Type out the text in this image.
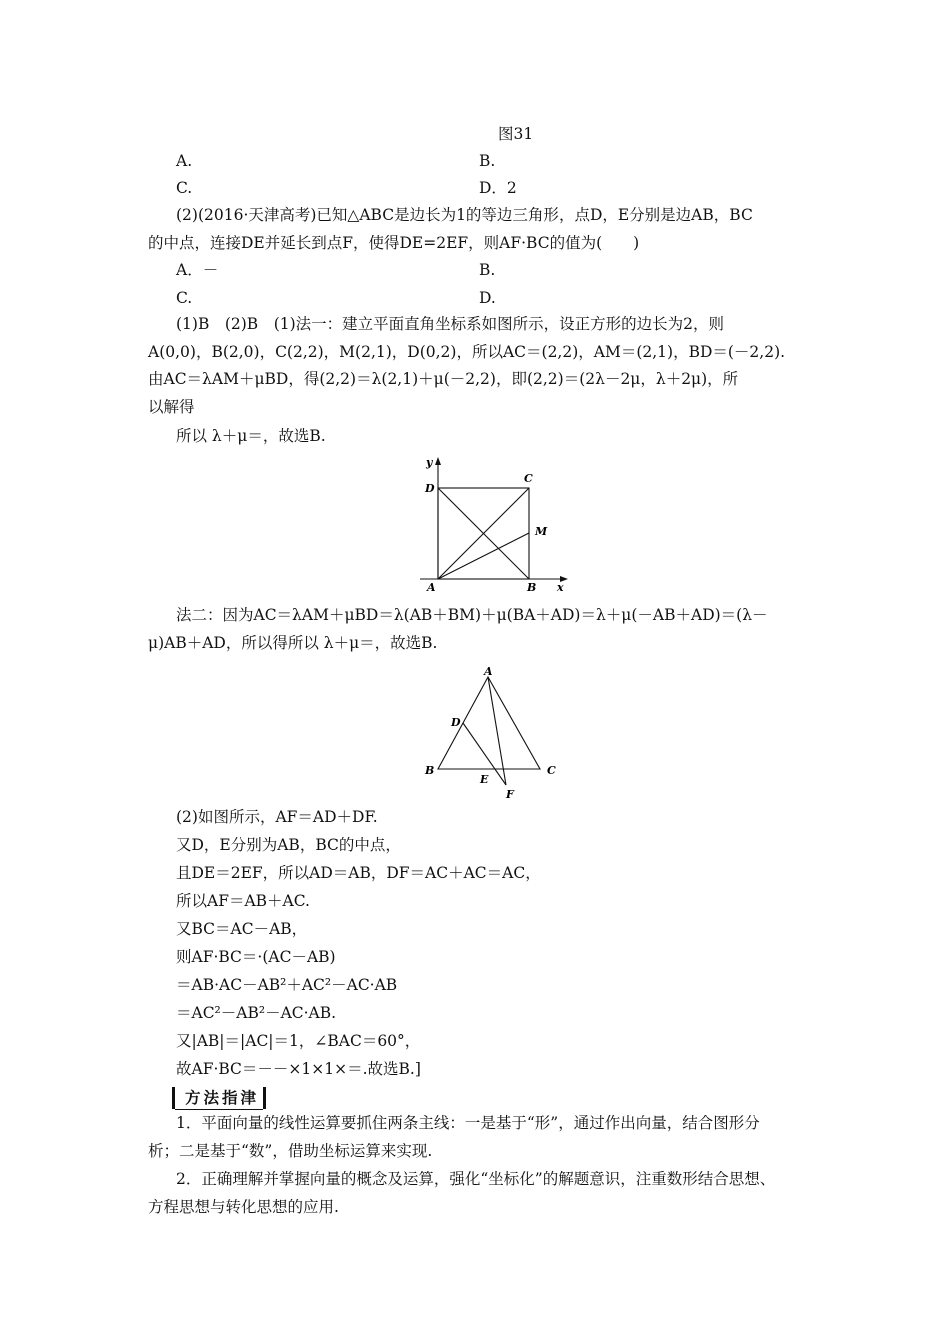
图31
A.	B.
C.	D．2
(2)(2016·天津高考)已知△ABC是边长为1的等边三角形，点D，E分别是边AB，BC
的中点，连接DE并延长到点F，使得DE=2EF，则AF·BC的值为(　　)
A．－	B.
C.	D.
(1)B　(2)B　(1)法一：建立平面直角坐标系如图所示，设正方形的边长为2，则
A(0,0)，B(2,0)，C(2,2)，M(2,1)，D(0,2)，所以AC＝(2,2)，AM＝(2,1)，BD＝(－2,2).
由AC＝λAM＋μBD，得(2,2)＝λ(2,1)＋μ(－2,2)，即(2,2)＝(2λ－2μ，λ＋2μ)，所
以解得
所以 λ＋μ＝，故选B.
y
D
C
M
A	B x
法二：因为AC＝λAM＋μBD＝λ(AB＋BM)＋μ(BA＋AD)＝λ＋μ(－AB＋AD)＝(λ－
μ)AB＋AD，所以得所以 λ＋μ＝，故选B.
A
D
B
E
C
F
(2)如图所示，AF＝AD＋DF.
又D，E分别为AB，BC的中点，
且DE＝2EF，所以AD＝AB，DF＝AC＋AC＝AC，
所以AF＝AB＋AC.
又BC＝AC－AB，
则AF·BC＝·(AC－AB)
＝AB·AC－AB²＋AC²－AC·AB
＝AC²－AB²－AC·AB.
又|AB|＝|AC|＝1，∠BAC＝60°，
故AF·BC＝－－×1×1×＝.故选B.]
方法指津
1．平面向量的线性运算要抓住两条主线：一是基于“形”，通过作出向量，结合图形分
析；二是基于“数”，借助坐标运算来实现.
2．正确理解并掌握向量的概念及运算，强化“坐标化”的解题意识，注重数形结合思想、
方程思想与转化思想的应用.
